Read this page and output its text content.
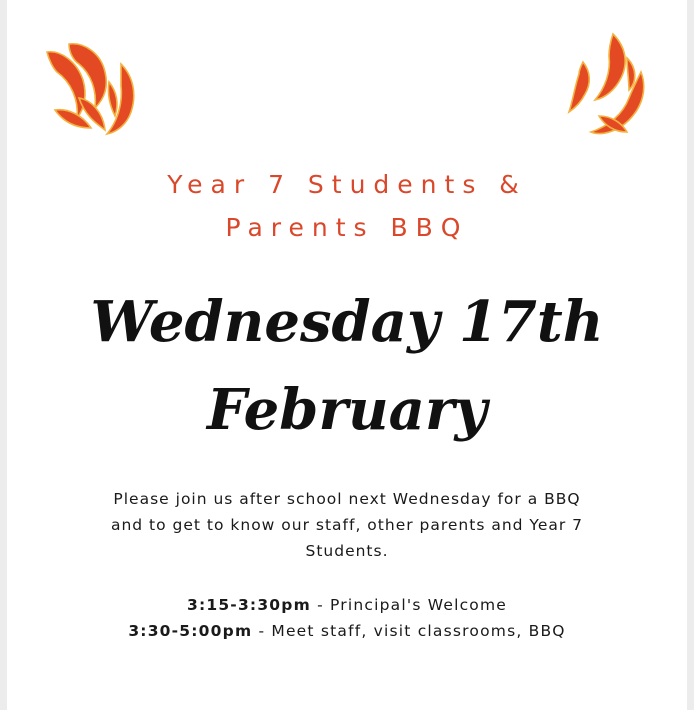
Year 7 Students &
Parents BBQ
Wednesday 17th
February
Please join us after school next Wednesday for a BBQ and to get to know our staff, other parents and Year 7 Students.
3:15-3:30pm - Principal's Welcome
3:30-5:00pm - Meet staff, visit classrooms, BBQ
